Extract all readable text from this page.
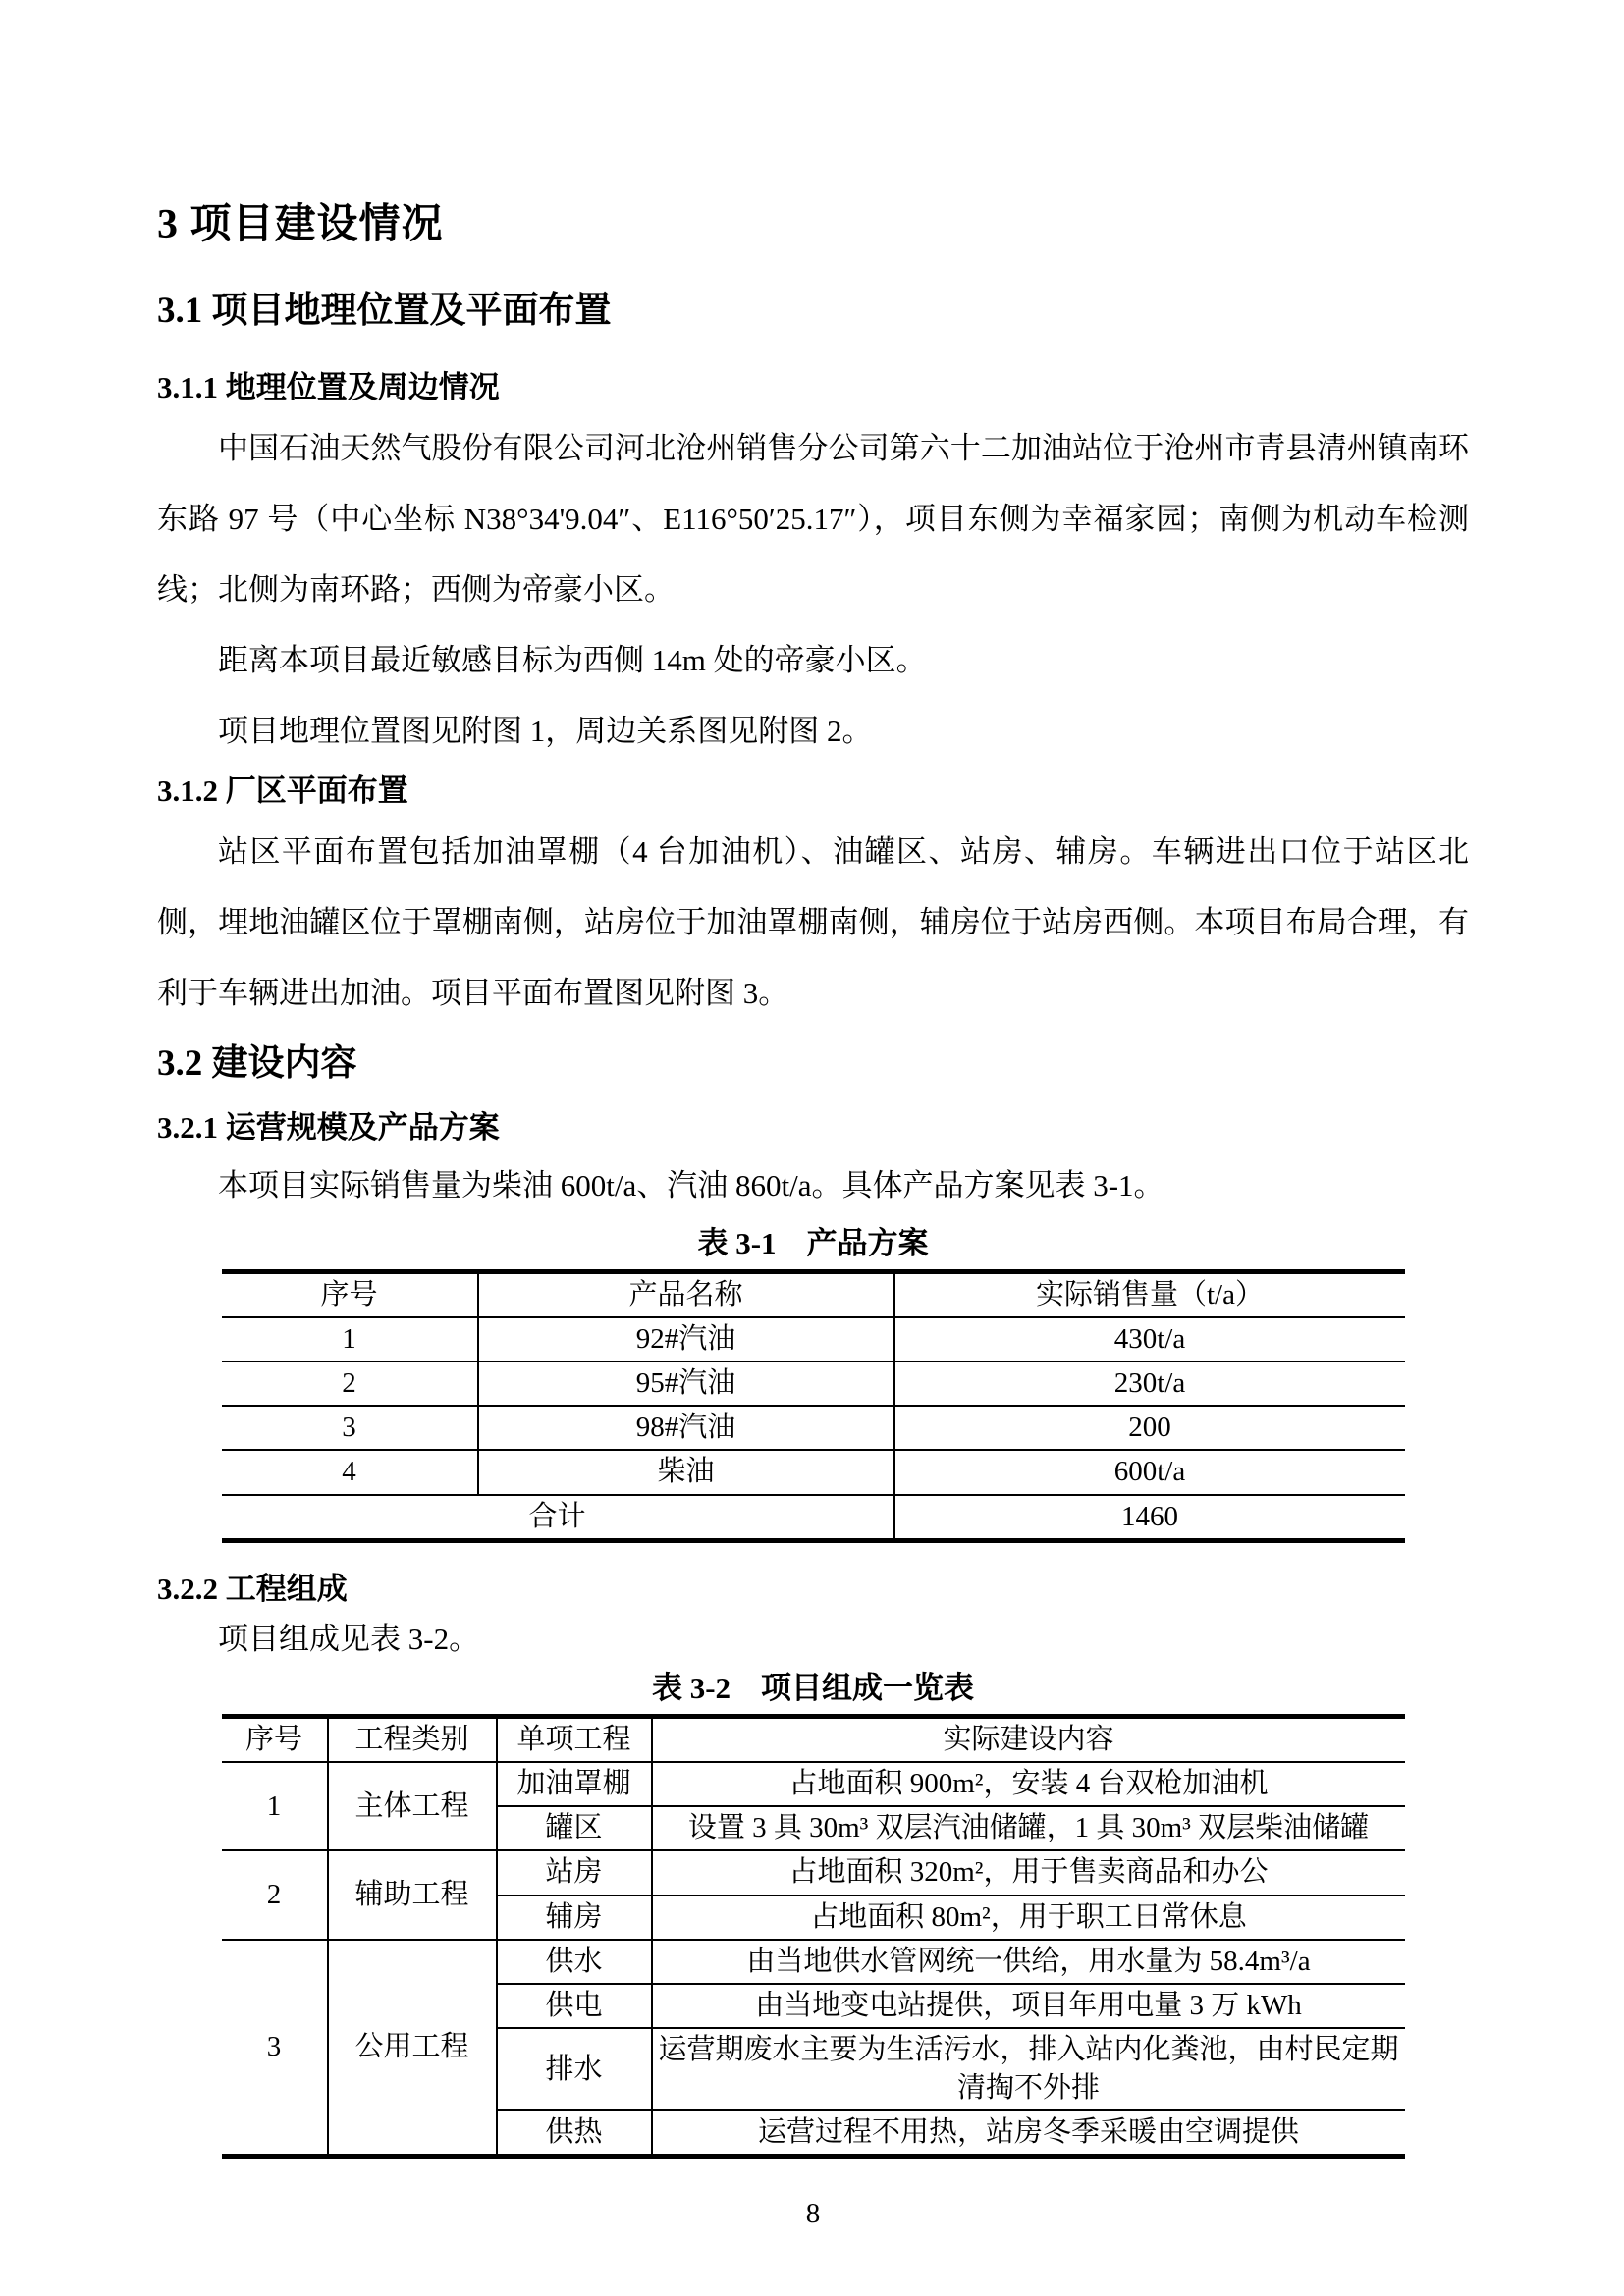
3 项目建设情况
3.1 项目地理位置及平面布置
3.1.1 地理位置及周边情况

中国石油天然气股份有限公司河北沧州销售分公司第六十二加油站位于沧州市青县清州镇南环东路 97 号（中心坐标 N38°34'9.04″、E116°50′25.17″），项目东侧为幸福家园；南侧为机动车检测线；北侧为南环路；西侧为帝豪小区。

距离本项目最近敏感目标为西侧 14m 处的帝豪小区。

项目地理位置图见附图 1，周边关系图见附图 2。

3.1.2 厂区平面布置

站区平面布置包括加油罩棚（4 台加油机）、油罐区、站房、辅房。车辆进出口位于站区北侧，埋地油罐区位于罩棚南侧，站房位于加油罩棚南侧，辅房位于站房西侧。本项目布局合理，有利于车辆进出加油。项目平面布置图见附图 3。

3.2 建设内容
3.2.1 运营规模及产品方案

本项目实际销售量为柴油 600t/a、汽油 860t/a。具体产品方案见表 3-1。

表 3-1　产品方案
序号	产品名称	实际销售量（t/a）
1	92#汽油	430t/a
2	95#汽油	230t/a
3	98#汽油	200
4	柴油	600t/a
合计		1460
3.2.2 工程组成

项目组成见表 3-2。

表 3-2　项目组成一览表
序号	工程类别	单项工程	实际建设内容
1	主体工程	加油罩棚	占地面积 900m²，安装 4 台双枪加油机
		罐区	设置 3 具 30m³ 双层汽油储罐，1 具 30m³ 双层柴油储罐
2	辅助工程	站房	占地面积 320m²，用于售卖商品和办公
		辅房	占地面积 80m²，用于职工日常休息
3	公用工程	供水	由当地供水管网统一供给，用水量为 58.4m³/a
		供电	由当地变电站提供，项目年用电量 3 万 kWh
		排水	运营期废水主要为生活污水，排入站内化粪池，由村民定期清掏不外排
		供热	运营过程不用热，站房冬季采暖由空调提供
8
